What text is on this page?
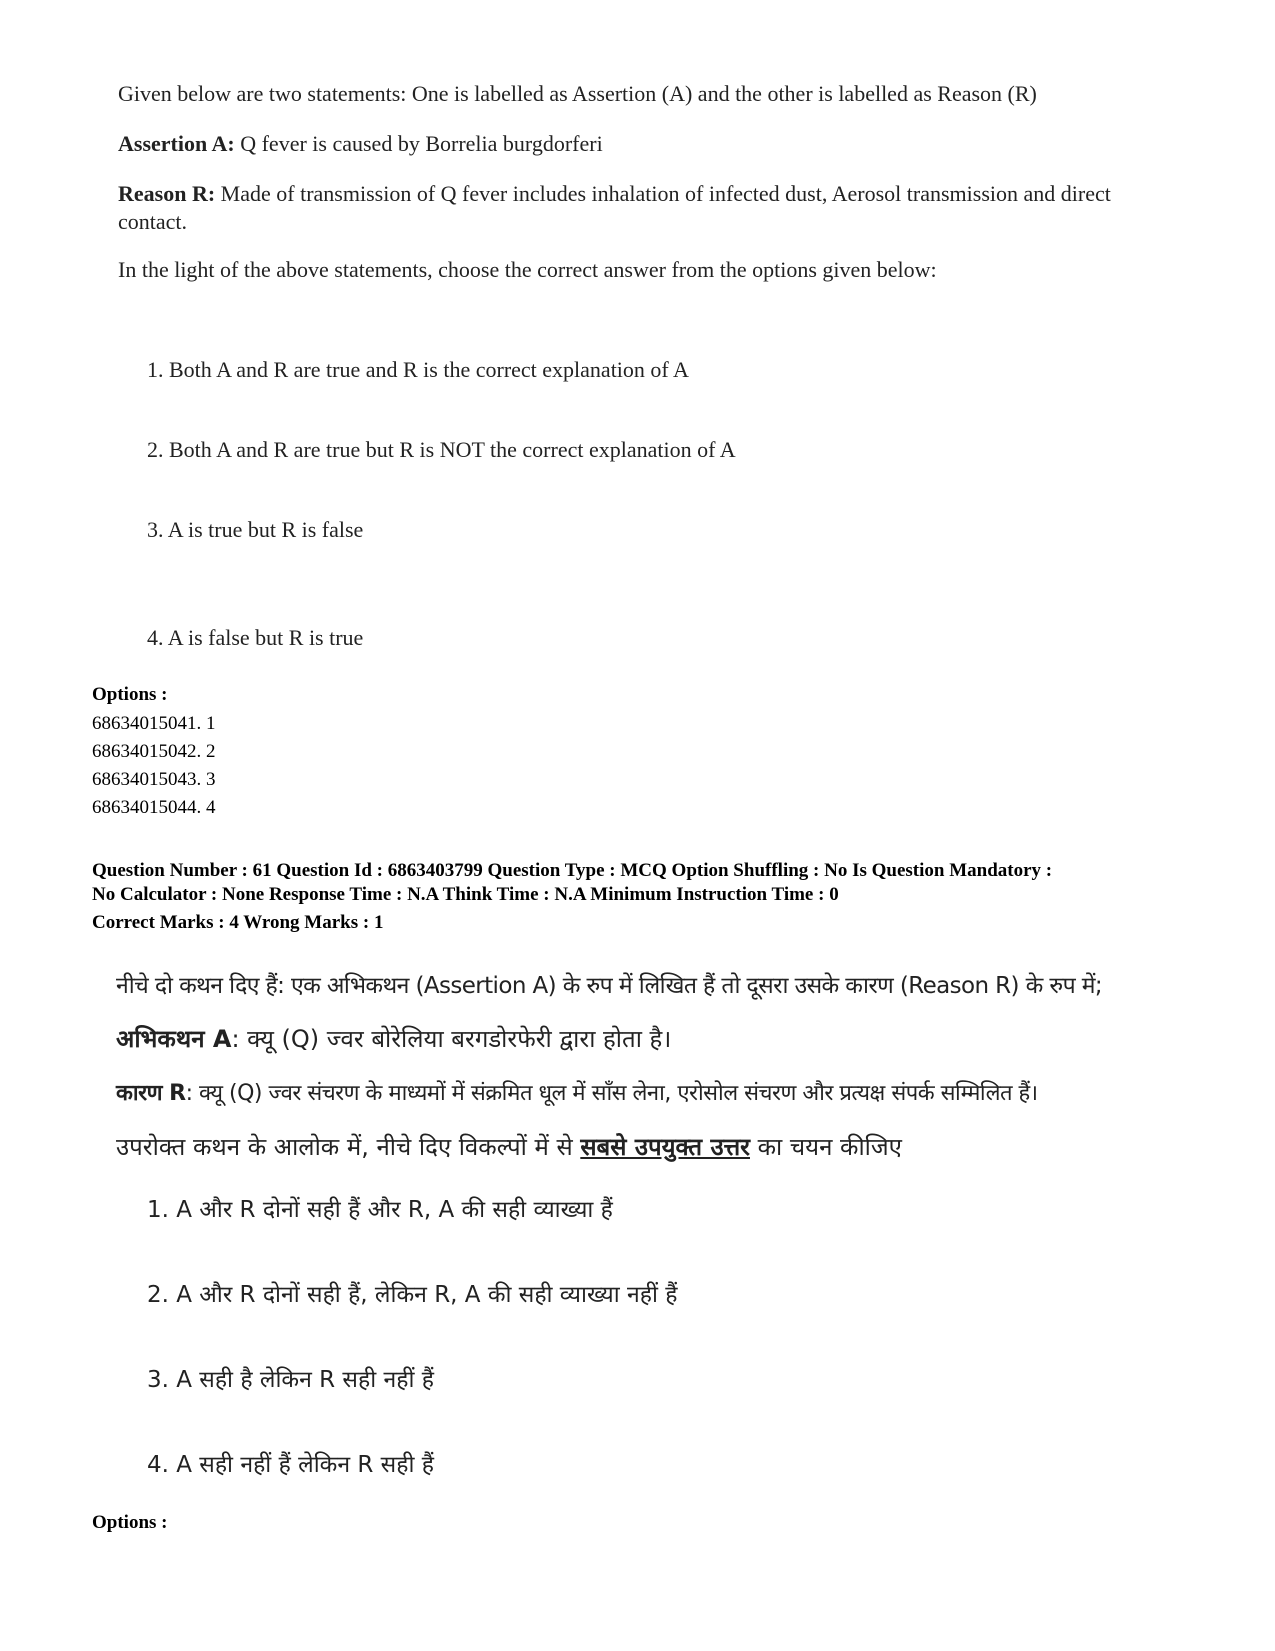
Given below are two statements: One is labelled as Assertion (A) and the other is labelled as Reason (R)

Assertion A: Q fever is caused by Borrelia burgdorferi

Reason R: Made of transmission of Q fever includes inhalation of infected dust, Aerosol transmission and direct contact.

In the light of the above statements, choose the correct answer from the options given below:

1. Both A and R are true and R is the correct explanation of A

2. Both A and R are true but R is NOT the correct explanation of A

3. A is true but R is false

4. A is false but R is true

Options :

68634015041. 1

68634015042. 2

68634015043. 3

68634015044. 4

Question Number : 61 Question Id : 6863403799 Question Type : MCQ Option Shuffling : No Is Question Mandatory :

No Calculator : None Response Time : N.A Think Time : N.A Minimum Instruction Time : 0

Correct Marks : 4 Wrong Marks : 1

नीचे दो कथन दिए हैं: एक अभिकथन (Assertion A) के रुप में लिखित हैं तो दूसरा उसके कारण (Reason R) के रुप में;

अभिकथन A: क्यू (Q) ज्वर बोरेलिया बरगडोरफेरी द्वारा होता है।

कारण R: क्यू (Q) ज्वर संचरण के माध्यमों में संक्रमित धूल में साँस लेना, एरोसोल संचरण और प्रत्यक्ष संपर्क सम्मिलित हैं।

उपरोक्त कथन के आलोक में, नीचे दिए विकल्पों में से सबसे उपयुक्त उत्तर का चयन कीजिए

1. A और R दोनों सही हैं और R, A की सही व्याख्या हैं

2. A और R दोनों सही हैं, लेकिन R, A की सही व्याख्या नहीं हैं

3. A सही है लेकिन R सही नहीं हैं

4. A सही नहीं हैं लेकिन R सही हैं

Options :
